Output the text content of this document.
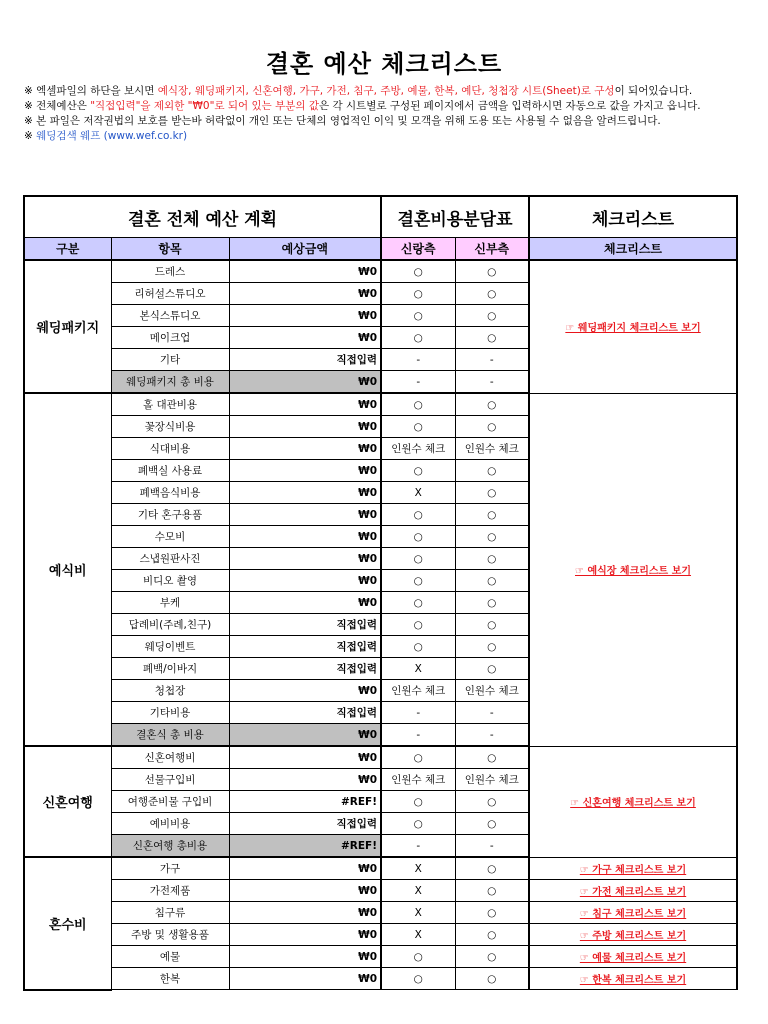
결혼 예산 체크리스트

※ 엑셀파일의 하단을 보시면 예식장, 웨딩패키지, 신혼여행, 가구, 가전, 침구, 주방, 예물, 한복, 예단, 청첩장 시트(Sheet)로 구성이 되어있습니다.

※ 전체예산은 "직접입력"을 제외한 "₩0"로 되어 있는 부분의 값은 각 시트별로 구성된 페이지에서 금액을 입력하시면 자동으로 값을 가지고 옵니다.

※ 본 파일은 저작권법의 보호를 받는바 허락없이 개인 또는 단체의 영업적인 이익 및 모객을 위해 도용 또는 사용될 수 없음을 알려드립니다.

※ 웨딩검색 웨프 (www.wef.co.kr)

결혼 전체 예산 계획			결혼비용분담표		체크리스트
구분	항목	예상금액	신랑측	신부측	체크리스트
웨딩패키지	드레스	₩0	○	○	☞ 웨딩패키지 체크리스트 보기
	리허설스튜디오	₩0	○	○	
	본식스튜디오	₩0	○	○	
	메이크업	₩0	○	○	
	기타	직접입력	-	-	
	웨딩패키지 총 비용	₩0	-	-	
예식비	홀 대관비용	₩0	○	○	☞ 예식장 체크리스트 보기
	꽃장식비용	₩0	○	○	
	식대비용	₩0	인원수 체크	인원수 체크	
	폐백실 사용료	₩0	○	○	
	폐백음식비용	₩0	X	○	
	기타 혼구용품	₩0	○	○	
	수모비	₩0	○	○	
	스냅원판사진	₩0	○	○	
	비디오 촬영	₩0	○	○	
	부케	₩0	○	○	
	답례비(주례,친구)	직접입력	○	○	
	웨딩이벤트	직접입력	○	○	
	폐백/이바지	직접입력	X	○	
	청첩장	₩0	인원수 체크	인원수 체크	
	기타비용	직접입력	-	-	
	결혼식 총 비용	₩0	-	-	
신혼여행	신혼여행비	₩0	○	○	☞ 신혼여행 체크리스트 보기
	선물구입비	₩0	인원수 체크	인원수 체크	
	여행준비물 구입비	#REF!	○	○	
	예비비용	직접입력	○	○	
	신혼여행 총비용	#REF!	-	-	
혼수비	가구	₩0	X	○	☞ 가구 체크리스트 보기
	가전제품	₩0	X	○	☞ 가전 체크리스트 보기
	침구류	₩0	X	○	☞ 침구 체크리스트 보기
	주방 및 생활용품	₩0	X	○	☞ 주방 체크리스트 보기
	예물	₩0	○	○	☞ 예물 체크리스트 보기
	한복	₩0	○	○	☞ 한복 체크리스트 보기
